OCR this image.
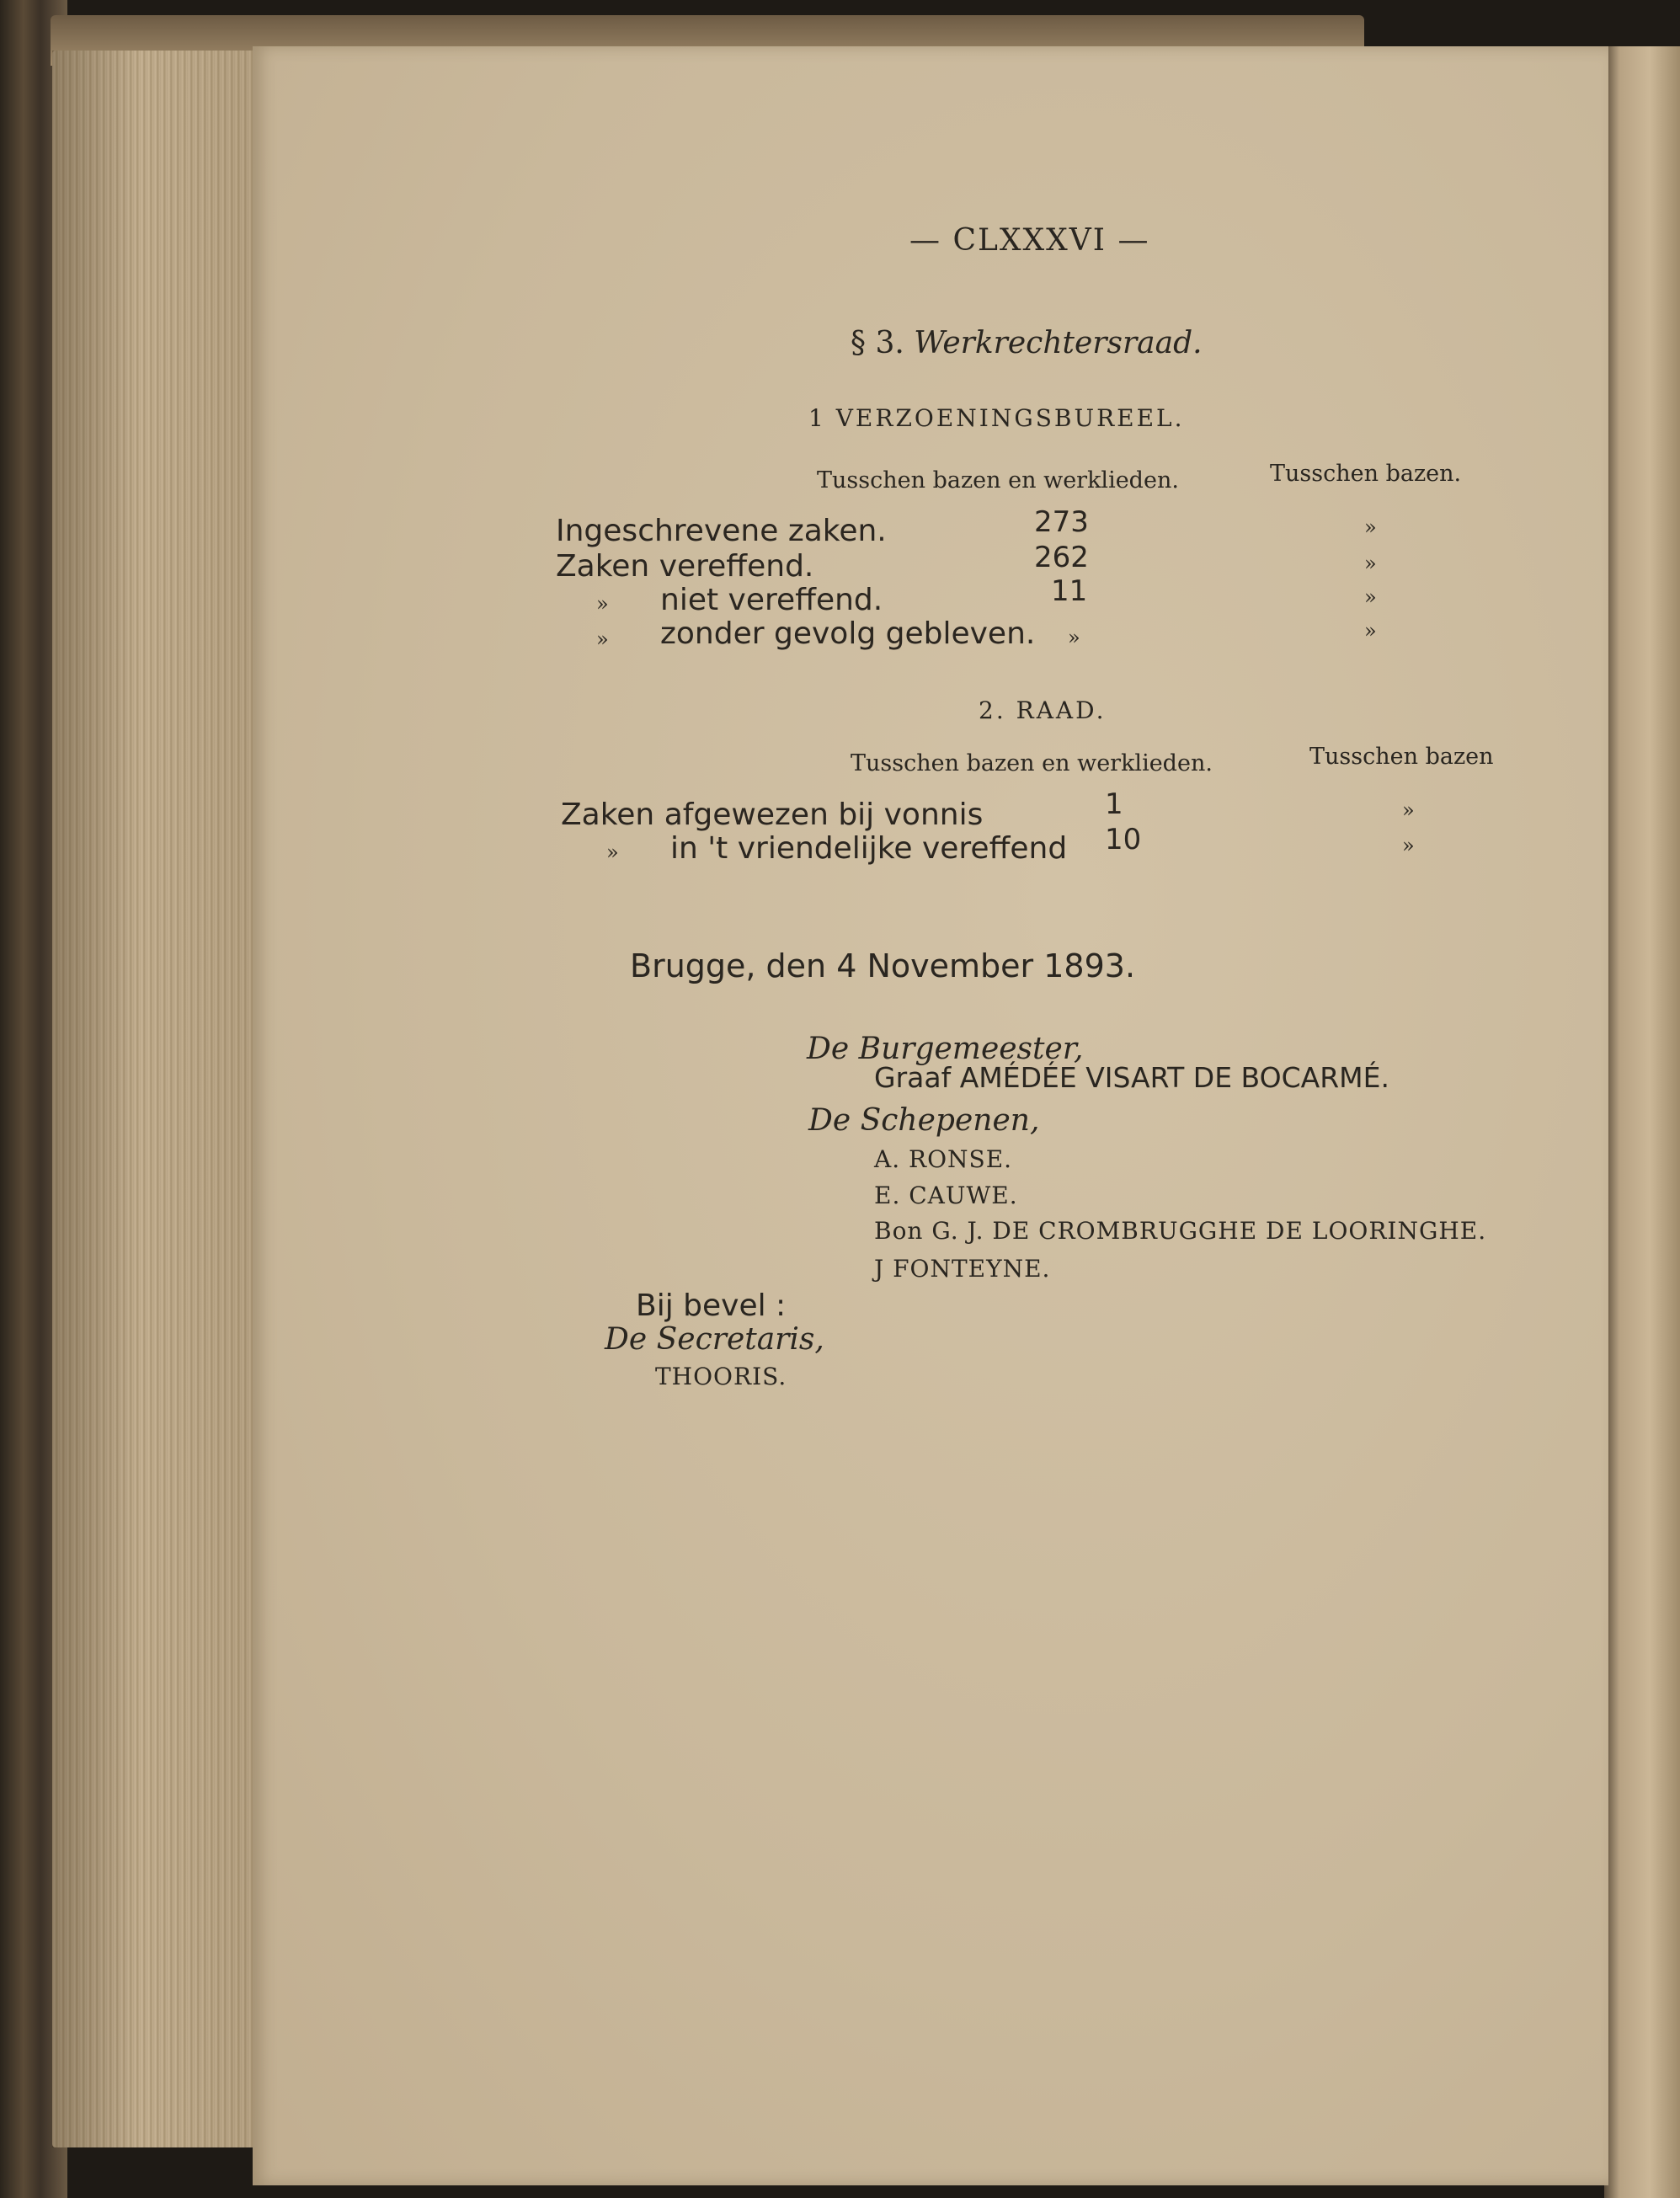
— CLXXXVI —
§ 3. Werkrechtersraad.
1 VERZOENINGSBUREEL.
Tusschen bazen en werklieden.	Tusschen bazen.
Ingeschrevene zaken.	273	»
Zaken vereffend.	262	»
» niet vereffend.	11	»
» zonder gevolg gebleven. »	»
2. RAAD.
Tusschen bazen en werklieden.	Tusschen bazen
Zaken afgewezen bij vonnis	1	»
» in 't vriendelijke vereffend 10	»
Brugge, den 4 November 1893.
De Burgemeester,
Graaf AMÉDÉE VISART DE BOCARMÉ.
De Schepenen,
A. RONSE.
E. CAUWE.
Bon G. J. DE CROMBRUGGHE DE LOORINGHE.
J FONTEYNE.
Bij bevel :
De Secretaris,
THOORIS.
